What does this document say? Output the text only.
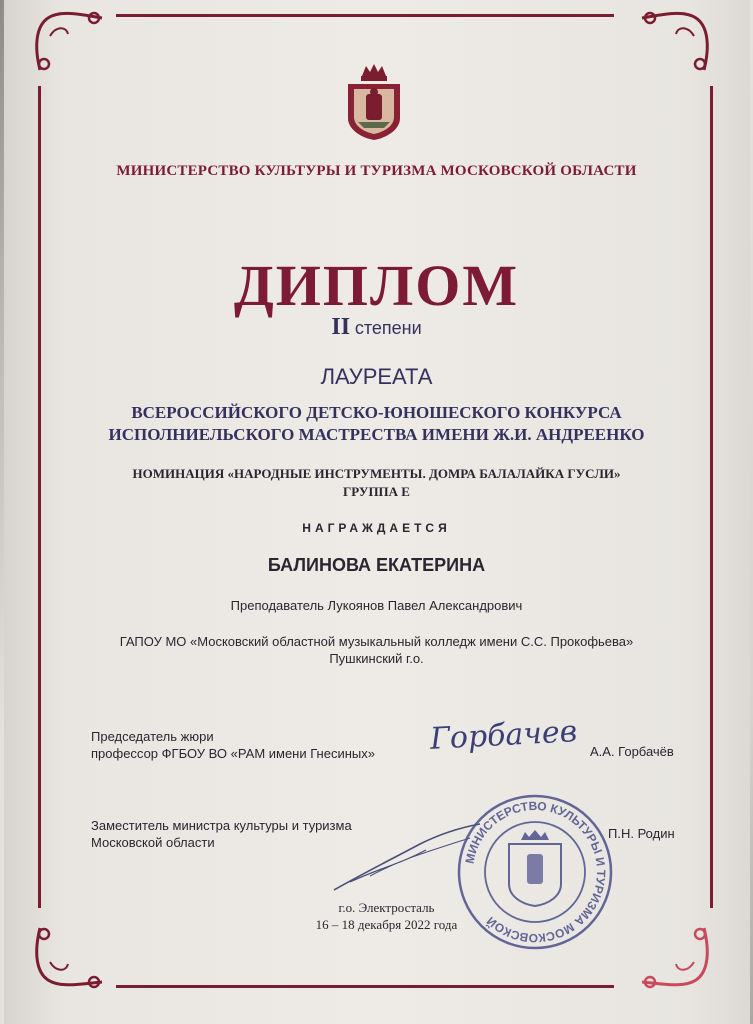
МИНИСТЕРСТВО КУЛЬТУРЫ И ТУРИЗМА МОСКОВСКОЙ ОБЛАСТИ
ДИПЛОМ
II степени
ЛАУРЕАТА
ВСЕРОССИЙСКОГО ДЕТСКО-ЮНОШЕСКОГО КОНКУРСА
ИСПОЛНИЕЛЬСКОГО МАСТРЕСТВА ИМЕНИ Ж.И. АНДРЕЕНКО
НОМИНАЦИЯ «НАРОДНЫЕ ИНСТРУМЕНТЫ. ДОМРА БАЛАЛАЙКА ГУСЛИ»
ГРУППА Е
НАГРАЖДАЕТСЯ
БАЛИНОВА ЕКАТЕРИНА
Преподаватель Лукоянов Павел Александрович
ГАПОУ МО «Московский областной музыкальный колледж имени С.С. Прокофьева»
Пушкинский г.о.
Председатель жюри
профессор ФГБОУ ВО «РАМ имени Гнесиных» Горбачев А.А. Горбачёв
Заместитель министра культуры и туризма
Московской области
П.Н. Родин
МИНИСТЕРСТВО КУЛЬТУРЫ И ТУРИЗМА МОСКОВСКОЙ
г.о. Электросталь
16 – 18 декабря 2022 года
